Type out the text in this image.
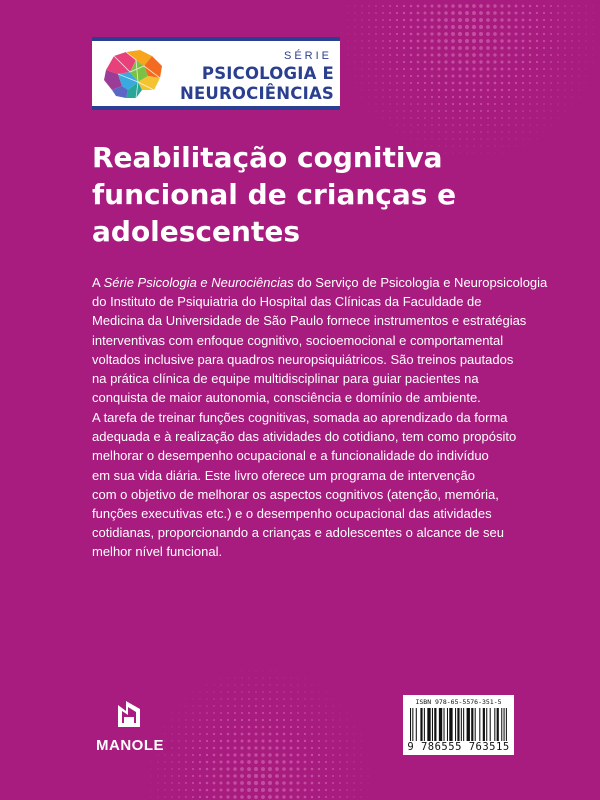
SÉRIE
PSICOLOGIA E
NEUROCIÊNCIAS
Reabilitação cognitiva
funcional de crianças e
adolescentes

A Série Psicologia e Neurociências do Serviço de Psicologia e Neuropsicologia
do Instituto de Psiquiatria do Hospital das Clínicas da Faculdade de
Medicina da Universidade de São Paulo fornece instrumentos e estratégias
interventivas com enfoque cognitivo, socioemocional e comportamental
voltados inclusive para quadros neuropsiquiátricos. São treinos pautados
na prática clínica de equipe multidisciplinar para guiar pacientes na
conquista de maior autonomia, consciência e domínio de ambiente.

A tarefa de treinar funções cognitivas, somada ao aprendizado da forma
adequada e à realização das atividades do cotidiano, tem como propósito
melhorar o desempenho ocupacional e a funcionalidade do indivíduo
em sua vida diária. Este livro oferece um programa de intervenção
com o objetivo de melhorar os aspectos cognitivos (atenção, memória,
funções executivas etc.) e o desempenho ocupacional das atividades
cotidianas, proporcionando a crianças e adolescentes o alcance de seu
melhor nível funcional.

MANOLE
ISBN 978-65-5576-351-5
9 786555 763515
